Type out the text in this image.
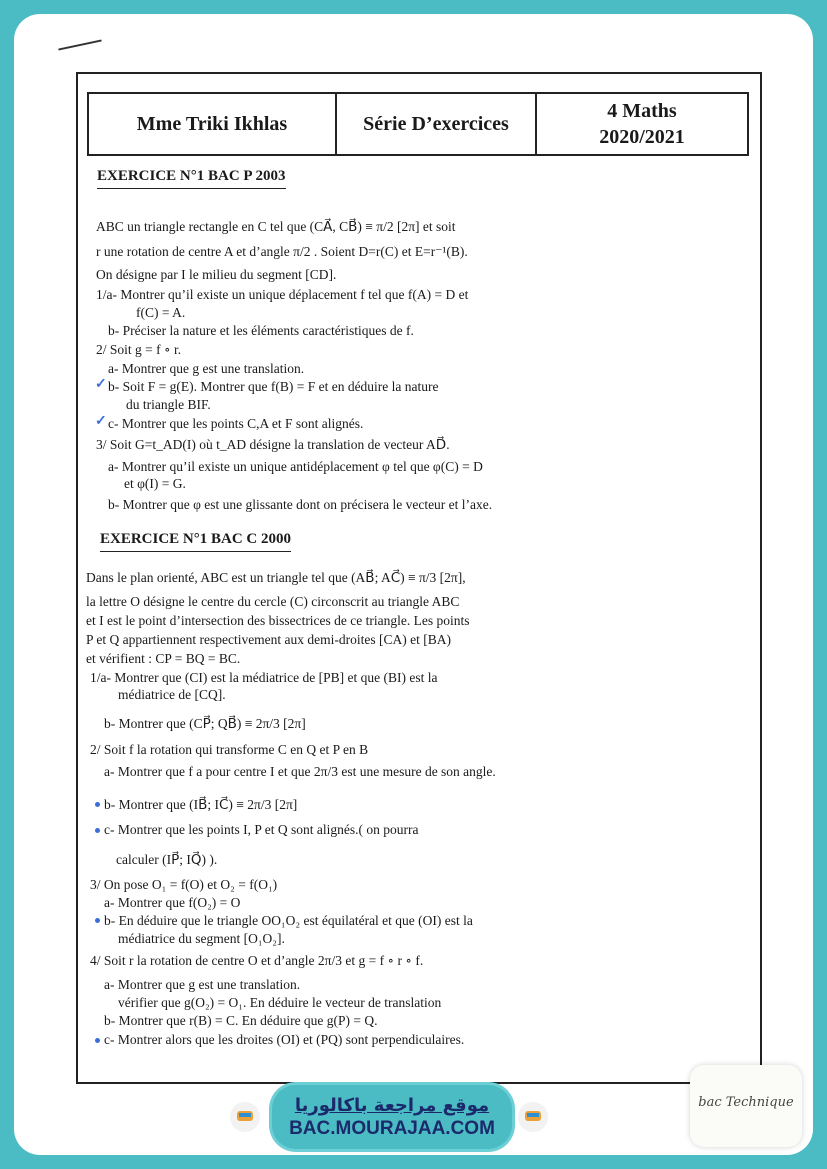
Mme Triki Ikhlas	Série D’exercices
4 Maths
2020/2021
EXERCICE N°1 BAC P 2003
ABC un triangle rectangle en C tel que (CA⃗, CB⃗) ≡ π/2 [2π] et soit
r une rotation de centre A et d’angle π/2 . Soient D=r(C) et E=r⁻¹(B).
On désigne par I le milieu du segment [CD].
1/a- Montrer qu’il existe un unique déplacement f tel que f(A) = D et
f(C) = A.
b- Préciser la nature et les éléments caractéristiques de f.
2/ Soit g = f ∘ r.
a- Montrer que g est une translation.
✓ b- Soit F = g(E). Montrer que f(B) = F et en déduire la nature
du triangle BIF.
✓ c- Montrer que les points C,A et F sont alignés.
3/ Soit G=t_AD(I) où t_AD désigne la translation de vecteur AD⃗.
a- Montrer qu’il existe un unique antidéplacement φ tel que φ(C) = D
et φ(I) = G.
b- Montrer que φ est une glissante dont on précisera le vecteur et l’axe.
EXERCICE N°1 BAC C 2000
Dans le plan orienté, ABC est un triangle tel que (AB⃗; AC⃗) ≡ π/3 [2π],
la lettre O désigne le centre du cercle (C) circonscrit au triangle ABC
et I est le point d’intersection des bissectrices de ce triangle. Les points
P et Q appartiennent respectivement aux demi-droites [CA) et [BA)
et vérifient : CP = BQ = BC.
1/a- Montrer que (CI) est la médiatrice de [PB] et que (BI) est la
médiatrice de [CQ].
b- Montrer que (CP⃗; QB⃗) ≡ 2π/3 [2π]
2/ Soit f la rotation qui transforme C en Q et P en B
a- Montrer que f a pour centre I et que 2π/3 est une mesure de son angle.
b- Montrer que (IB⃗; IC⃗) ≡ 2π/3 [2π]
c- Montrer que les points I, P et Q sont alignés.( on pourra
calculer (IP⃗; IQ⃗) ).
3/ On pose O₁ = f(O) et O₂ = f(O₁)
a- Montrer que f(O₂) = O
b- En déduire que le triangle OO₁O₂ est équilatéral et que (OI) est la
médiatrice du segment [O₁O₂].
4/ Soit r la rotation de centre O et d’angle 2π/3 et g = f ∘ r ∘ f.
a- Montrer que g est une translation.
vérifier que g(O₂) = O₁. En déduire le vecteur de translation
b- Montrer que r(B) = C. En déduire que g(P) = Q.
c- Montrer alors que les droites (OI) et (PQ) sont perpendiculaires.
موقع مراجعة باكالوريا
BAC.MOURAJAA.COM
bac Technique
